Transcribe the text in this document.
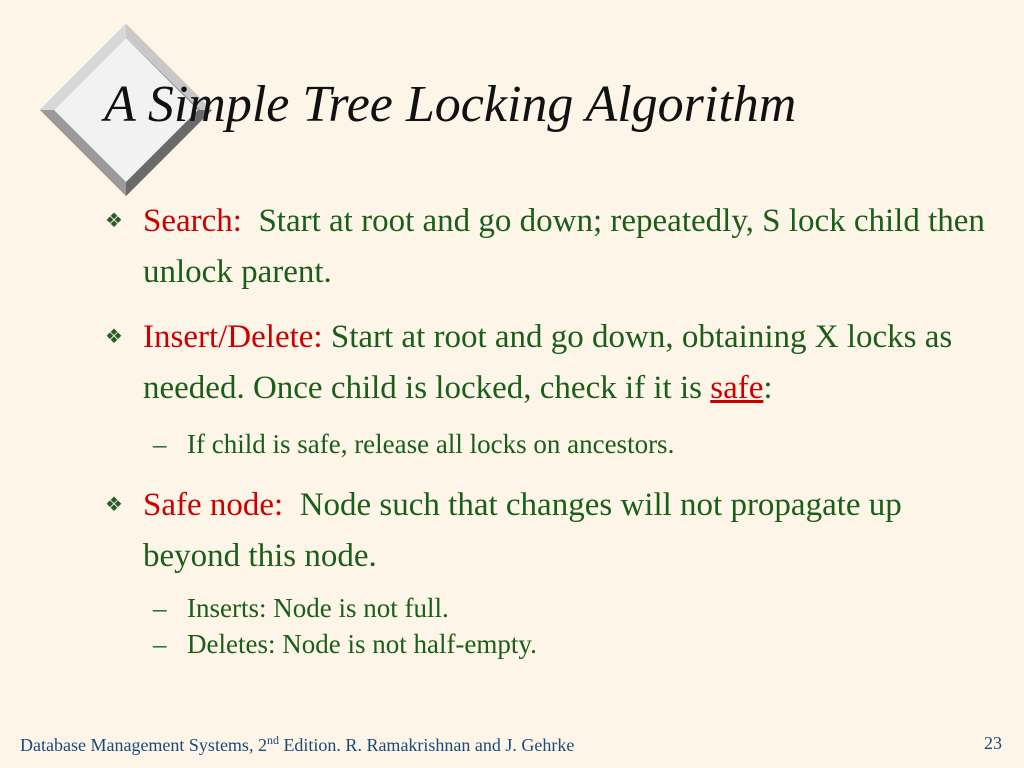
A Simple Tree Locking Algorithm
❖ Search: Start at root and go down; repeatedly, S lock child then unlock parent.
❖ Insert/Delete: Start at root and go down, obtaining X locks as needed. Once child is locked, check if it is safe:
– If child is safe, release all locks on ancestors.
❖ Safe node: Node such that changes will not propagate up beyond this node.
– Inserts: Node is not full.
– Deletes: Node is not half-empty.
Database Management Systems, 2nd Edition. R. Ramakrishnan and J. Gehrke	23
